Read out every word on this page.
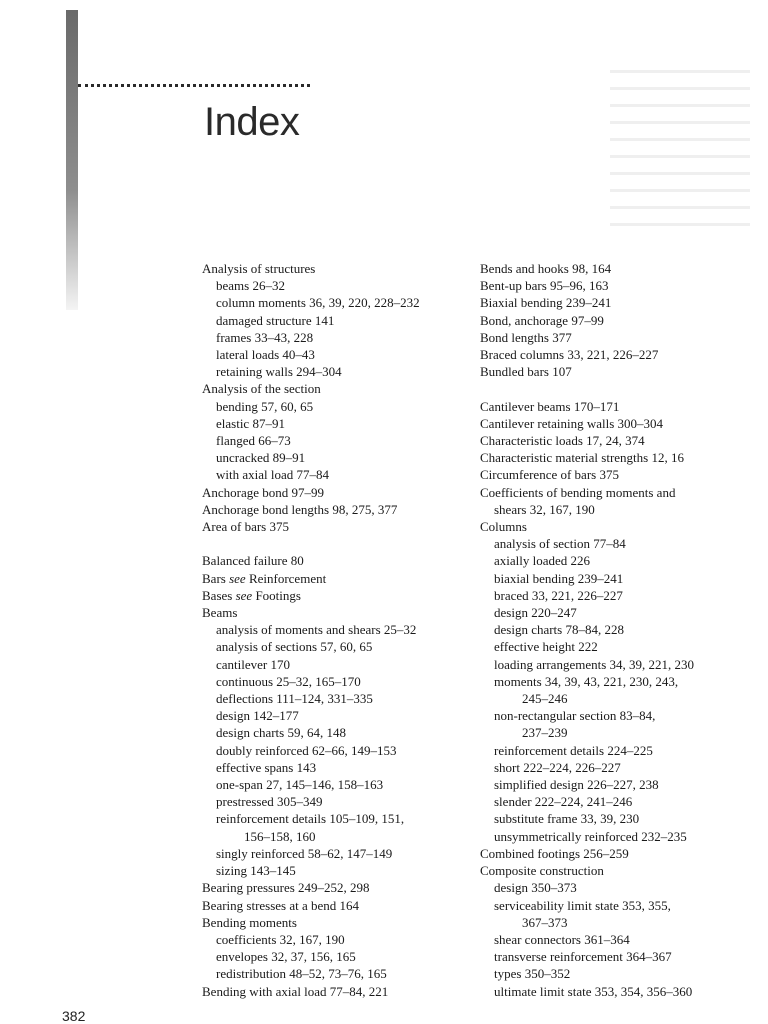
Index
Analysis of structures
beams 26–32
column moments 36, 39, 220, 228–232
damaged structure 141
frames 33–43, 228
lateral loads 40–43
retaining walls 294–304
Analysis of the section
bending 57, 60, 65
elastic 87–91
flanged 66–73
uncracked 89–91
with axial load 77–84
Anchorage bond 97–99
Anchorage bond lengths 98, 275, 377
Area of bars 375
Balanced failure 80
Bars see Reinforcement
Bases see Footings
Beams
analysis of moments and shears 25–32
analysis of sections 57, 60, 65
cantilever 170
continuous 25–32, 165–170
deflections 111–124, 331–335
design 142–177
design charts 59, 64, 148
doubly reinforced 62–66, 149–153
effective spans 143
one-span 27, 145–146, 158–163
prestressed 305–349
reinforcement details 105–109, 151,
156–158, 160
singly reinforced 58–62, 147–149
sizing 143–145
Bearing pressures 249–252, 298
Bearing stresses at a bend 164
Bending moments
coefficients 32, 167, 190
envelopes 32, 37, 156, 165
redistribution 48–52, 73–76, 165
Bending with axial load 77–84, 221
Bends and hooks 98, 164
Bent-up bars 95–96, 163
Biaxial bending 239–241
Bond, anchorage 97–99
Bond lengths 377
Braced columns 33, 221, 226–227
Bundled bars 107
Cantilever beams 170–171
Cantilever retaining walls 300–304
Characteristic loads 17, 24, 374
Characteristic material strengths 12, 16
Circumference of bars 375
Coefficients of bending moments and
shears 32, 167, 190
Columns
analysis of section 77–84
axially loaded 226
biaxial bending 239–241
braced 33, 221, 226–227
design 220–247
design charts 78–84, 228
effective height 222
loading arrangements 34, 39, 221, 230
moments 34, 39, 43, 221, 230, 243,
245–246
non-rectangular section 83–84,
237–239
reinforcement details 224–225
short 222–224, 226–227
simplified design 226–227, 238
slender 222–224, 241–246
substitute frame 33, 39, 230
unsymmetrically reinforced 232–235
Combined footings 256–259
Composite construction
design 350–373
serviceability limit state 353, 355,
367–373
shear connectors 361–364
transverse reinforcement 364–367
types 350–352
ultimate limit state 353, 354, 356–360
382
